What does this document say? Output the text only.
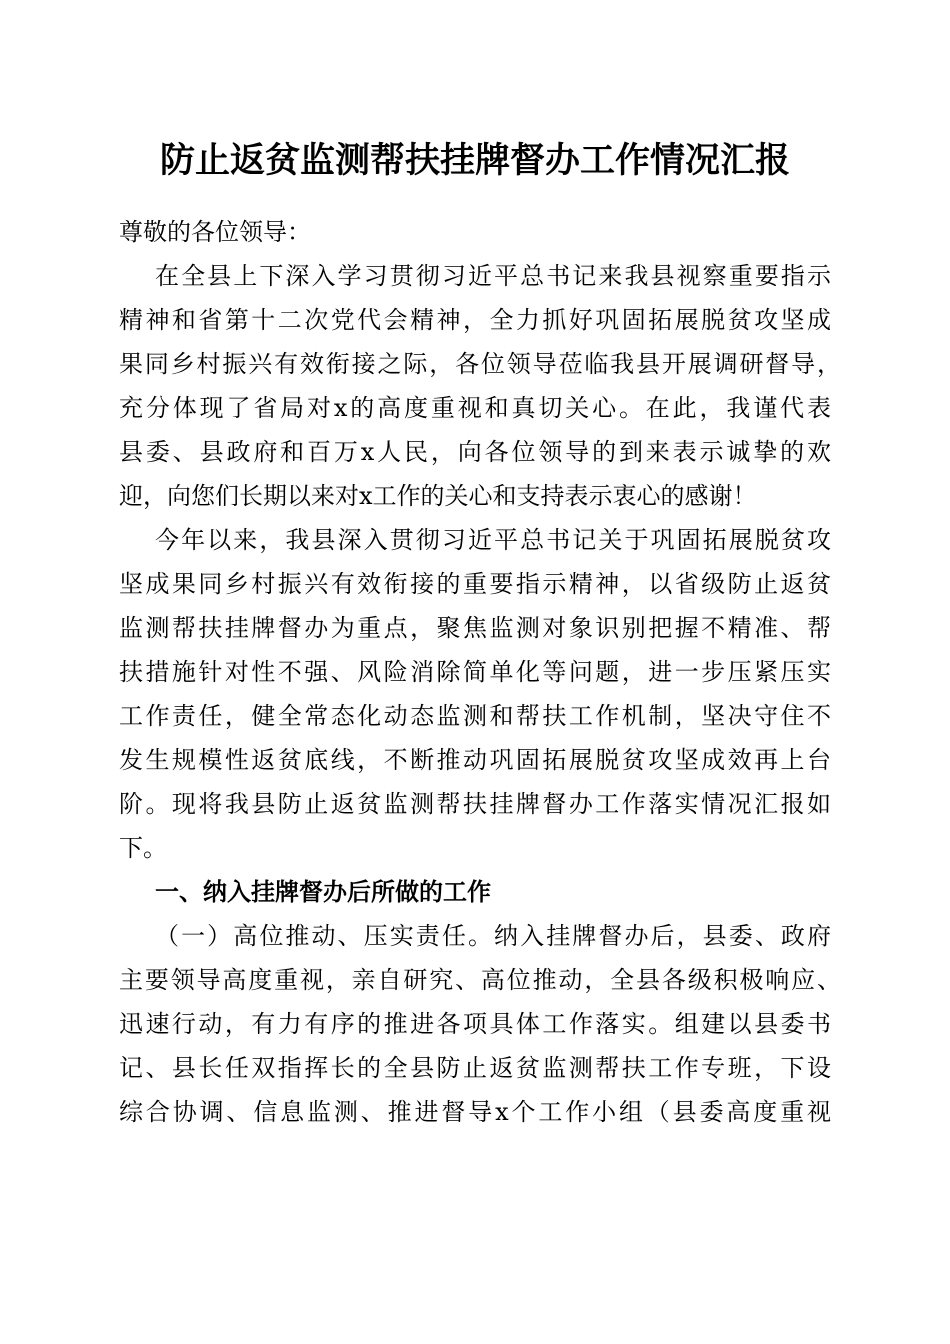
防止返贫监测帮扶挂牌督办工作情况汇报
尊敬的各位领导：
在全县上下深入学习贯彻习近平总书记来我县视察重要指示
精神和省第十二次党代会精神，全力抓好巩固拓展脱贫攻坚成
果同乡村振兴有效衔接之际，各位领导莅临我县开展调研督导，
充分体现了省局对x的高度重视和真切关心。在此，我谨代表
县委、县政府和百万x人民，向各位领导的到来表示诚挚的欢
迎，向您们长期以来对x工作的关心和支持表示衷心的感谢！
今年以来，我县深入贯彻习近平总书记关于巩固拓展脱贫攻
坚成果同乡村振兴有效衔接的重要指示精神，以省级防止返贫
监测帮扶挂牌督办为重点，聚焦监测对象识别把握不精准、帮
扶措施针对性不强、风险消除简单化等问题，进一步压紧压实
工作责任，健全常态化动态监测和帮扶工作机制，坚决守住不
发生规模性返贫底线，不断推动巩固拓展脱贫攻坚成效再上台
阶。现将我县防止返贫监测帮扶挂牌督办工作落实情况汇报如
下。
一、纳入挂牌督办后所做的工作
（一）高位推动、压实责任。纳入挂牌督办后，县委、政府
主要领导高度重视，亲自研究、高位推动，全县各级积极响应、
迅速行动，有力有序的推进各项具体工作落实。组建以县委书
记、县长任双指挥长的全县防止返贫监测帮扶工作专班，下设
综合协调、信息监测、推进督导x个工作小组（县委高度重视
